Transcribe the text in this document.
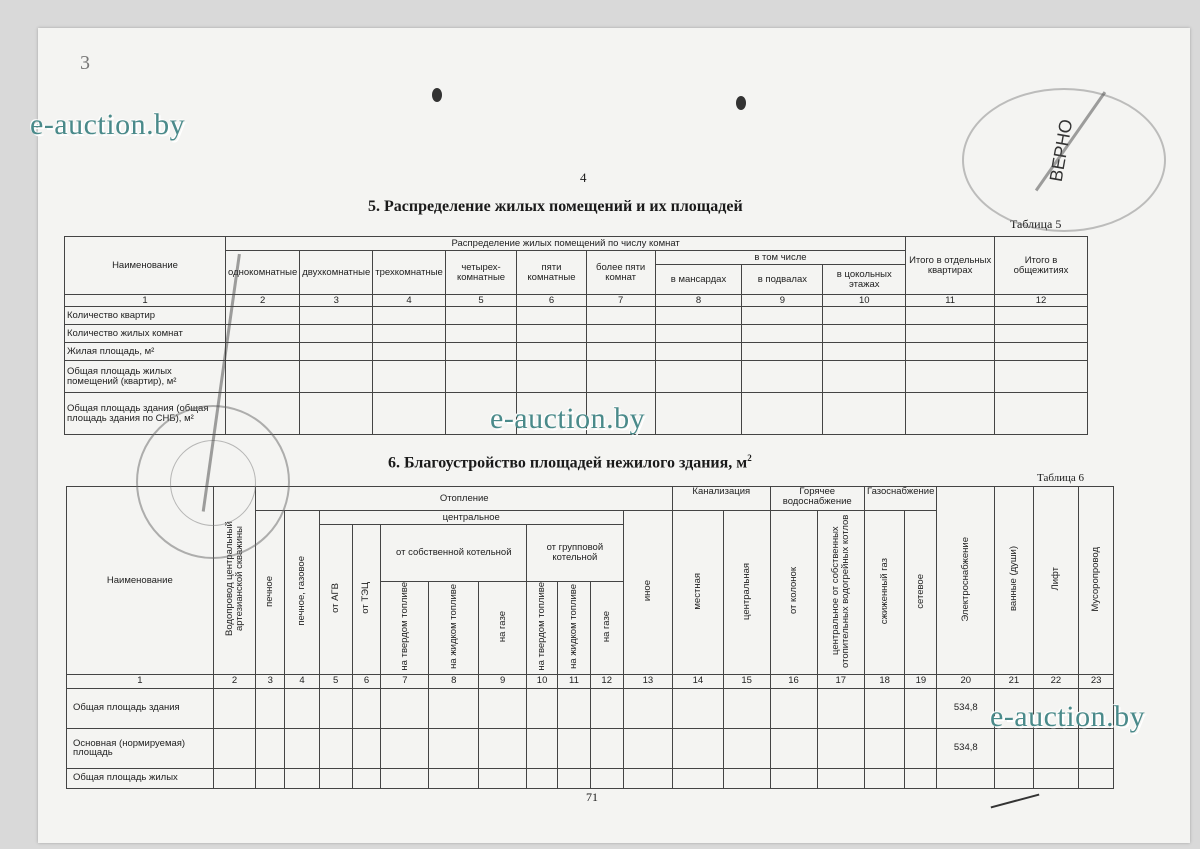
3
4
5. Распределение жилых помещений и их площадей
Таблица 5
Наименование	Распределение жилых помещений по числу комнат									Итого в отдельных квартирах	Итого в общежитиях
	однокомнатные	двухкомнатные	трехкомнатные	четырех-комнатные	пяти комнатные	более пяти комнат	в том числе				
							в мансардах	в подвалах	в цокольных этажах		
1	2	3	4	5	6	7	8	9	10	11	12
Количество квартир											
Количество жилых комнат											
Жилая площадь, м²											
Общая площадь жилых помещений (квартир), м²											
Общая площадь здания (общая площадь здания по СНБ), м²											
6. Благоустройство площадей нежилого здания, $м^2$
Таблица 6
Наименование	Водопровод центральный артезианской скважины	Отопление											Канализация		Горячее водоснабжение		Газоснабжение		Электроснабжение	ванные (души)	Лифт	Мусоропровод
		печное	печное, газовое	центральное								иное	местная	центральная	от колонок	центральное от собственных отопительных водогрейных котлов	сжиженный газ	сетевое				
				от АГВ	от ТЭЦ	от собственной котельной			от групповой котельной													
						на твердом топливе	на жидком топливе	на газе	на твердом топливе	на жидком топливе	на газе											
1	2	3	4	5	6	7	8	9	10	11	12	13	14	15	16	17	18	19	20	21	22	23
Общая площадь здания																			534,8			
Основная (нормируемая) площадь																			534,8			
Общая площадь жилых																						
71
ВЕРНО
e-auction.by
e-auction.by
e-auction.by
